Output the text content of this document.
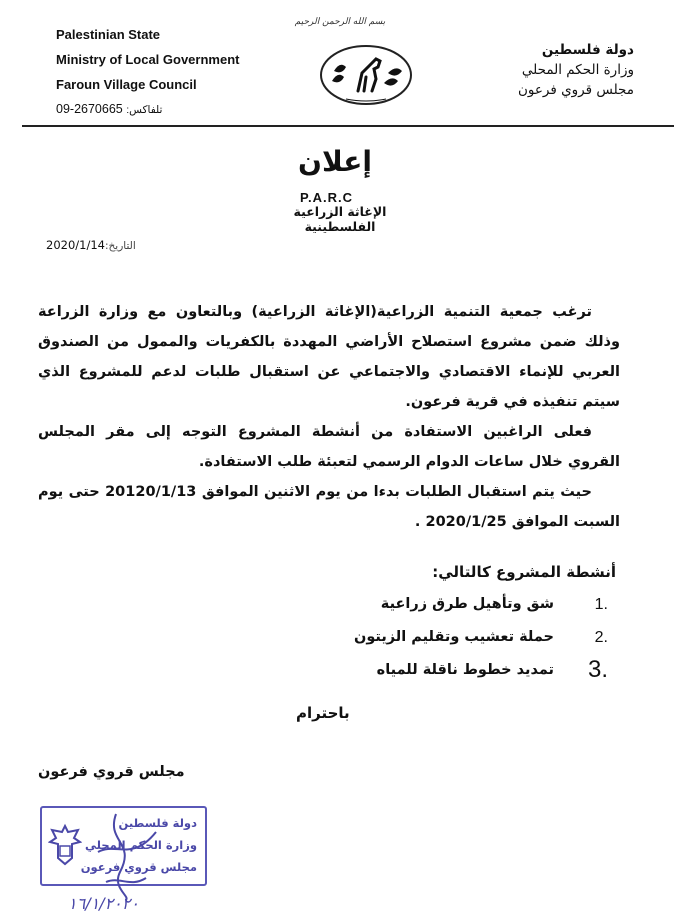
Palestinian State
Ministry of Local Government
Faroun Village Council
09-2670665 :تلفاكس
بسم الله الرحمن الرحيم
دولة فلسطين
وزارة الحكم المحلي
مجلس قروي فرعون
إعلان
P.A.R.C
الإغاثة الزراعية الفلسطينية
2020/1/14:التاريخ

ترغب جمعية التنمية الزراعية(الإغاثة الزراعية) وبالتعاون مع وزارة الزراعة وذلك ضمن مشروع استصلاح الأراضي المهددة بالكفريات والممول من الصندوق العربي للإنماء الاقتصادي والاجتماعي عن استقبال طلبات لدعم للمشروع الذي سيتم تنفيذه في قرية فرعون.

فعلى الراغبين الاستفادة من أنشطة المشروع التوجه إلى مقر المجلس القروي خلال ساعات الدوام الرسمي لتعبئة طلب الاستفادة.

حيث يتم استقبال الطلبات بدءا من يوم الاثنين الموافق 20120/1/13 حتى يوم السبت الموافق 2020/1/25 .

أنشطة المشروع كالتالي:
1.
شق وتأهيل طرق زراعية
2.
حملة تعشيب وتقليم الزيتون
3.
تمديد خطوط ناقلة للمياه
باحترام
مجلس قروي فرعون
دولة فلسطين
وزارة الحكم المحلي
مجلس قروي فرعون
١٦/١/٢٠٢٠
